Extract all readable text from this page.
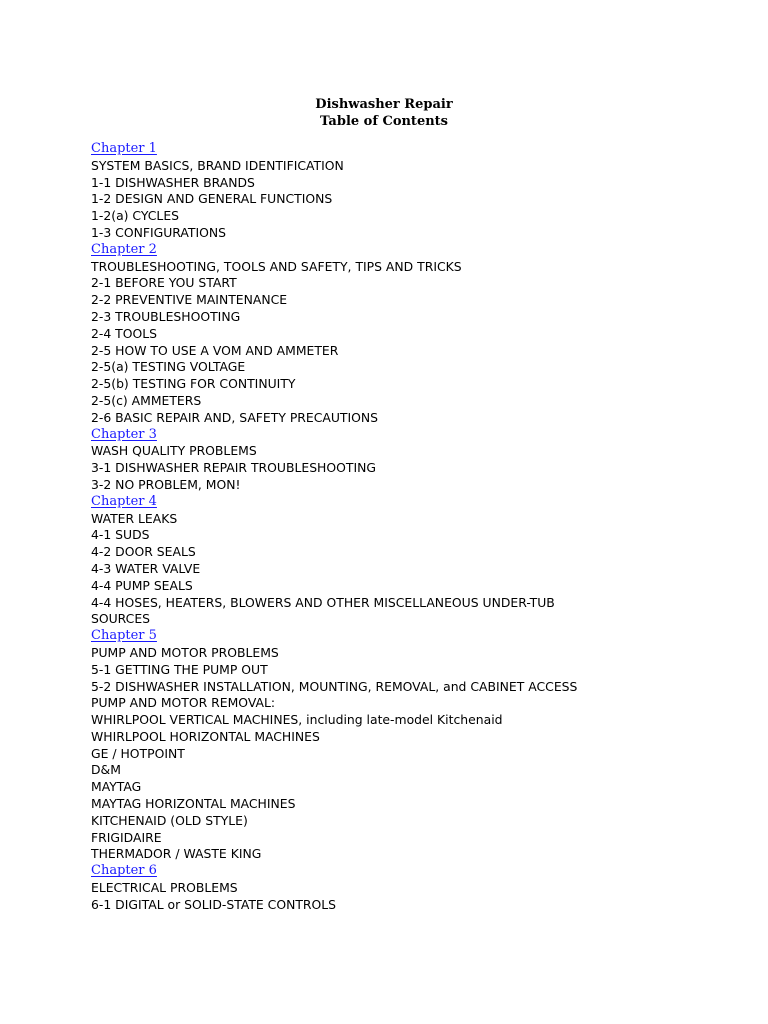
Dishwasher Repair
Table of Contents
Chapter 1
SYSTEM BASICS, BRAND IDENTIFICATION
1-1 DISHWASHER BRANDS
1-2 DESIGN AND GENERAL FUNCTIONS
1-2(a) CYCLES
1-3 CONFIGURATIONS
Chapter 2
TROUBLESHOOTING, TOOLS AND SAFETY, TIPS AND TRICKS
2-1 BEFORE YOU START
2-2 PREVENTIVE MAINTENANCE
2-3 TROUBLESHOOTING
2-4 TOOLS
2-5 HOW TO USE A VOM AND AMMETER
2-5(a) TESTING VOLTAGE
2-5(b) TESTING FOR CONTINUITY
2-5(c) AMMETERS
2-6 BASIC REPAIR AND, SAFETY PRECAUTIONS
Chapter 3
WASH QUALITY PROBLEMS
3-1 DISHWASHER REPAIR TROUBLESHOOTING
3-2 NO PROBLEM, MON!
Chapter 4
WATER LEAKS
4-1 SUDS
4-2 DOOR SEALS
4-3 WATER VALVE
4-4 PUMP SEALS
4-4 HOSES, HEATERS, BLOWERS AND OTHER MISCELLANEOUS UNDER-TUB
SOURCES
Chapter 5
PUMP AND MOTOR PROBLEMS
5-1 GETTING THE PUMP OUT
5-2 DISHWASHER INSTALLATION, MOUNTING, REMOVAL, and CABINET ACCESS
PUMP AND MOTOR REMOVAL:
WHIRLPOOL VERTICAL MACHINES, including late-model Kitchenaid
WHIRLPOOL HORIZONTAL MACHINES
GE / HOTPOINT
D&M
MAYTAG
MAYTAG HORIZONTAL MACHINES
KITCHENAID (OLD STYLE)
FRIGIDAIRE
THERMADOR / WASTE KING
Chapter 6
ELECTRICAL PROBLEMS
6-1 DIGITAL or SOLID-STATE CONTROLS
